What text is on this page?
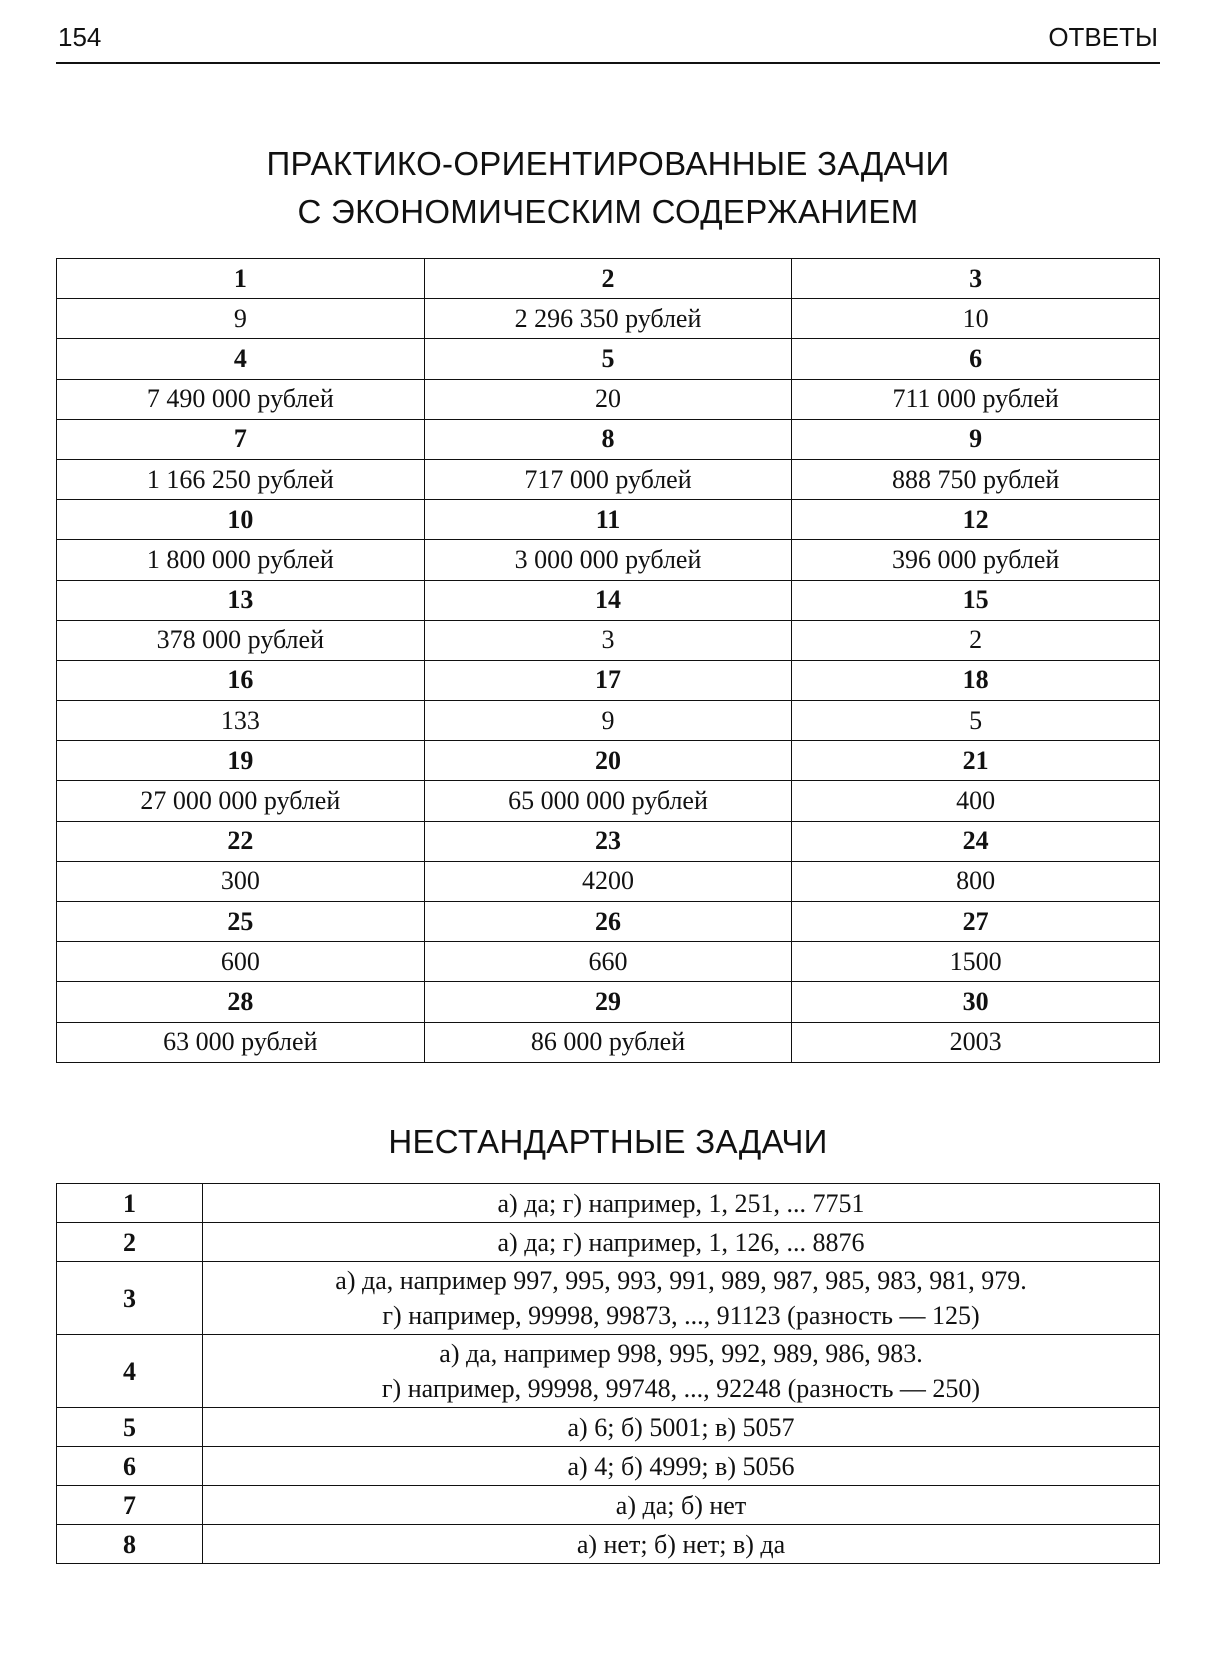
154	ОТВЕТЫ
ПРАКТИКО-ОРИЕНТИРОВАННЫЕ ЗАДАЧИ
С ЭКОНОМИЧЕСКИМ СОДЕРЖАНИЕМ
1	2	3
9	2 296 350 рублей	10
4	5	6
7 490 000 рублей	20	711 000 рублей
7	8	9
1 166 250 рублей	717 000 рублей	888 750 рублей
10	11	12
1 800 000 рублей	3 000 000 рублей	396 000 рублей
13	14	15
378 000 рублей	3	2
16	17	18
133	9	5
19	20	21
27 000 000 рублей	65 000 000 рублей	400
22	23	24
300	4200	800
25	26	27
600	660	1500
28	29	30
63 000 рублей	86 000 рублей	2003
НЕСТАНДАРТНЫЕ ЗАДАЧИ
1	а) да; г) например, 1, 251, ... 7751

2	а) да; г) например, 1, 126, ... 8876

3	а) да, например 997, 995, 993, 991, 989, 987, 985, 983, 981, 979.
г) например, 99998, 99873, ..., 91123 (разность — 125)

4	а) да, например 998, 995, 992, 989, 986, 983.
г) например, 99998, 99748, ..., 92248 (разность — 250)

5	а) 6; б) 5001; в) 5057

6	а) 4; б) 4999; в) 5056

7	а) да; б) нет

8	а) нет; б) нет; в) да
